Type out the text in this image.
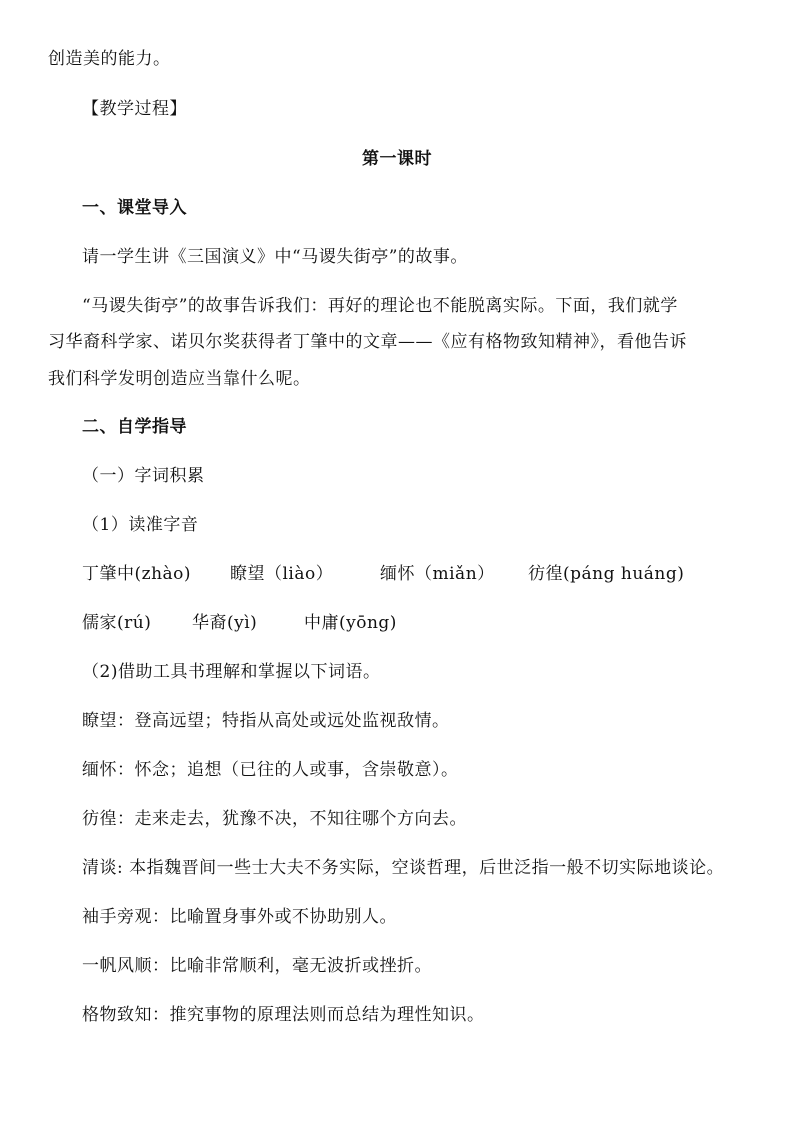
创造美的能力。
【教学过程】
第一课时
一、课堂导入
请一学生讲《三国演义》中“马谡失街亭”的故事。
“马谡失街亭”的故事告诉我们：再好的理论也不能脱离实际。下面，我们就学
习华裔科学家、诺贝尔奖获得者丁肇中的文章——《应有格物致知精神》，看他告诉
我们科学发明创造应当靠什么呢。
二、自学指导
（一）字词积累
（1）读准字音
丁肇中(zhào) 瞭望（liào）	缅怀（miǎn） 彷徨(páng huáng)
儒家(rú) 华裔(yì)	中庸(yōng)
（2)借助工具书理解和掌握以下词语。
瞭望：登高远望；特指从高处或远处监视敌情。
缅怀：怀念；追想（已往的人或事，含崇敬意）。
彷徨：走来走去，犹豫不决，不知往哪个方向去。
清谈: 本指魏晋间一些士大夫不务实际，空谈哲理，后世泛指一般不切实际地谈论。
袖手旁观：比喻置身事外或不协助别人。
一帆风顺：比喻非常顺利，毫无波折或挫折。
格物致知：推究事物的原理法则而总结为理性知识。
